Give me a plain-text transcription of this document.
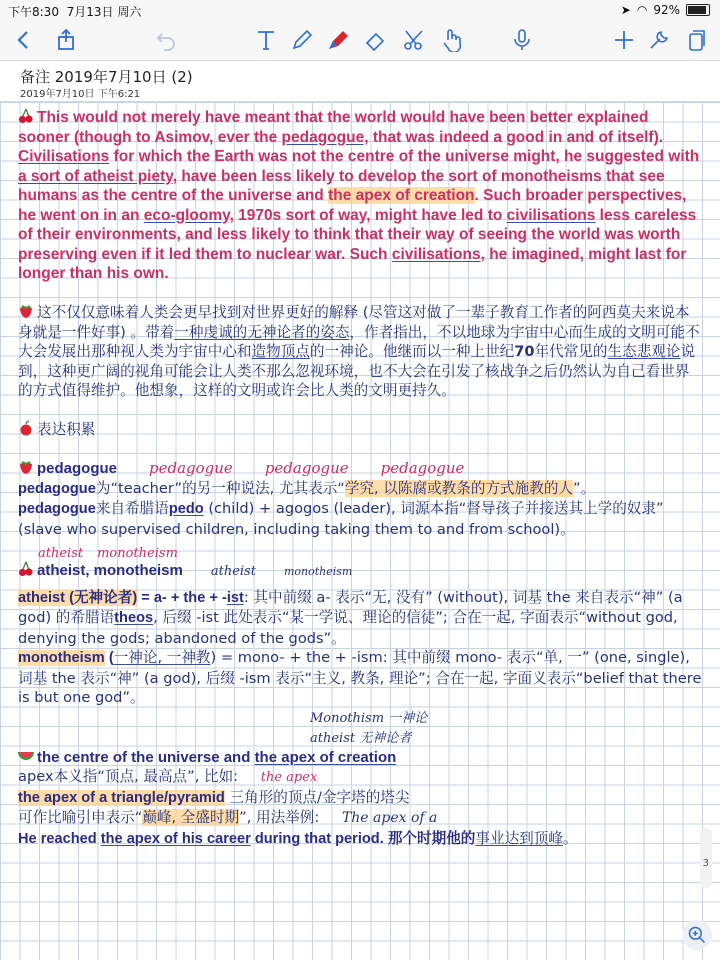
下午8:30 7月13日 周六	➤ ◠ 92%
备注 2019年7月10日 (2)
2019年7月10日 下午6:21

This would not merely have meant that the world would have been better explained sooner (though to Asimov, ever the pedagogue, that was indeed a good in and of itself). Civilisations for which the Earth was not the centre of the universe might, he suggested with a sort of atheist piety, have been less likely to develop the sort of monotheisms that see humans as the centre of the universe and the apex of creation. Such broader perspectives, he went on in an eco-gloomy, 1970s sort of way, might have led to civilisations less careless of their environments, and less likely to think that their way of seeing the world was worth preserving even if it led them to nuclear war. Such civilisations, he imagined, might last for longer than his own.

这不仅仅意味着人类会更早找到对世界更好的解释 (尽管这对做了一辈子教育工作者的阿西莫夫来说本身就是一件好事) 。带着一种虔诚的无神论者的姿态，作者指出，不以地球为宇宙中心而生成的文明可能不大会发展出那种视人类为宇宙中心和造物顶点的一神论。他继而以一种上世纪70年代常见的生态悲观论说到，这种更广阔的视角可能会让人类不那么忽视环境，也不大会在引发了核战争之后仍然认为自己看世界的方式值得维护。他想象，这样的文明或许会比人类的文明更持久。

表达积累

pedagogue pedagogue pedagogue pedagogue

pedagogue为“teacher”的另一种说法, 尤其表示“学究, 以陈腐或教条的方式施教的人”。
pedagogue来自希腊语pedo (child) + agogos (leader), 词源本指“督导孩子并接送其上学的奴隶” (slave who supervised children, including taking them to and from school)。

atheist monotheism

atheist, monotheism atheist	monotheism

atheist (无神论者) = a- + the + -ist: 其中前缀 a- 表示“无, 没有” (without), 词基 the 来自表示“神” (a god) 的希腊语theos, 后缀 -ist 此处表示“某一学说、理论的信徒”; 合在一起, 字面表示“without god, denying the gods; abandoned of the gods”。

monotheism (一神论, 一神教) = mono- + the + -ism: 其中前缀 mono- 表示“单, 一” (one, single), 词基 the 表示“神” (a god), 后缀 -ism 表示“主义, 教条, 理论”; 合在一起, 字面义表示“belief that there is but one god”。

Monothism 一神论
atheist 无神论者

the centre of the universe and the apex of creation

apex本义指“顶点, 最高点”, 比如: the apex
the apex of a triangle/pyramid 三角形的顶点/金字塔的塔尖
可作比喻引申表示“巅峰, 全盛时期”, 用法举例: The apex of a
He reached the apex of his career during that period. 那个时期他的事业达到顶峰。

3
